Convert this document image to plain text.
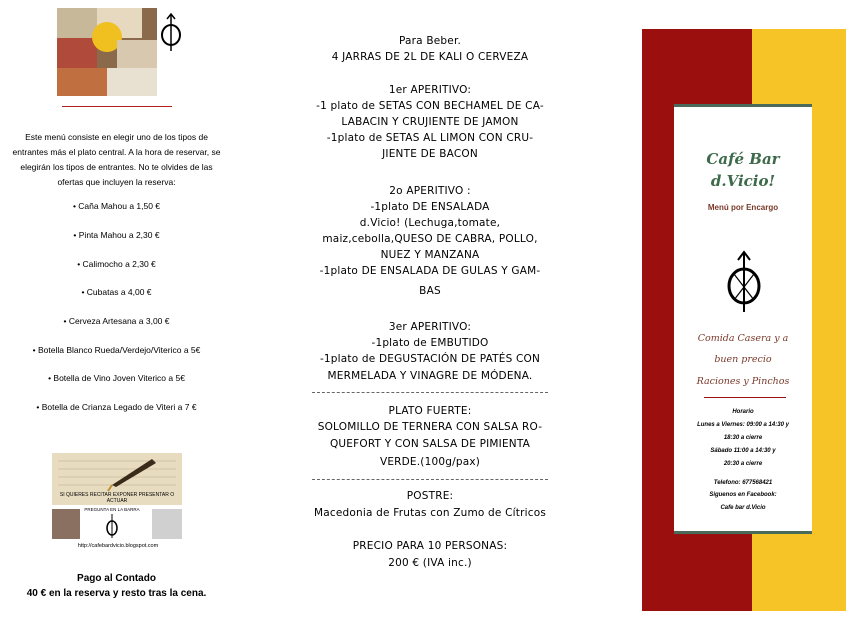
Este menú consiste en elegir uno de los tipos de entrantes más el plato central. A la hora de reservar, se elegirán los tipos de entrantes. No te olvides de las ofertas que incluyen la reserva:
• Caña Mahou a 1,50 €
• Pinta Mahou a 2,30 €
• Calimocho a 2,30 €
• Cubatas a 4,00 €
• Cerveza Artesana a 3,00 €
• Botella Blanco Rueda/Verdejo/Viterico a 5€
• Botella de Vino Joven Viterico a 5€
• Botella de Crianza Legado de Viteri a 7 €
SI QUIERES RECITAR EXPONER PRESENTAR O ACTUAR
PREGUNTA EN LA BARRA
http://cafebardvicio.blogspot.com
Pago al Contado
40 € en la reserva y resto tras la cena.
Para Beber.
4 JARRAS DE 2L DE KALI O CERVEZA
1er APERITIVO:
-1 plato de SETAS CON BECHAMEL DE CA-
LABACIN Y CRUJIENTE DE JAMON
-1plato de SETAS AL LIMON CON CRU-
JIENTE DE BACON
2o APERITIVO :
-1plato DE ENSALADA
d.Vicio! (Lechuga,tomate,
maiz,cebolla,QUESO DE CABRA, POLLO,
NUEZ Y MANZANA
-1plato DE ENSALADA DE GULAS Y GAM-
BAS
3er APERITIVO:
-1plato de EMBUTIDO
-1plato de DEGUSTACIÓN DE PATÉS CON
MERMELADA Y VINAGRE DE MÓDENA.
PLATO FUERTE:
SOLOMILLO DE TERNERA CON SALSA RO-
QUEFORT Y CON SALSA DE PIMIENTA
VERDE.(100g/pax)
POSTRE:
Macedonia de Frutas con Zumo de Cítricos
PRECIO PARA 10 PERSONAS:
200 € (IVA inc.)
Café Bar
d.Vicio!
Menú por Encargo
Comida Casera y a
buen precio
Raciones y Pinchos
Horario
Lunes a Viernes: 09:00 a 14:30 y
18:30 a cierre
Sábado 11:00 a 14:30 y
20:30 a cierre
Telefono: 677568421
Siguenos en Facebook:
Cafe bar d.Vicio
